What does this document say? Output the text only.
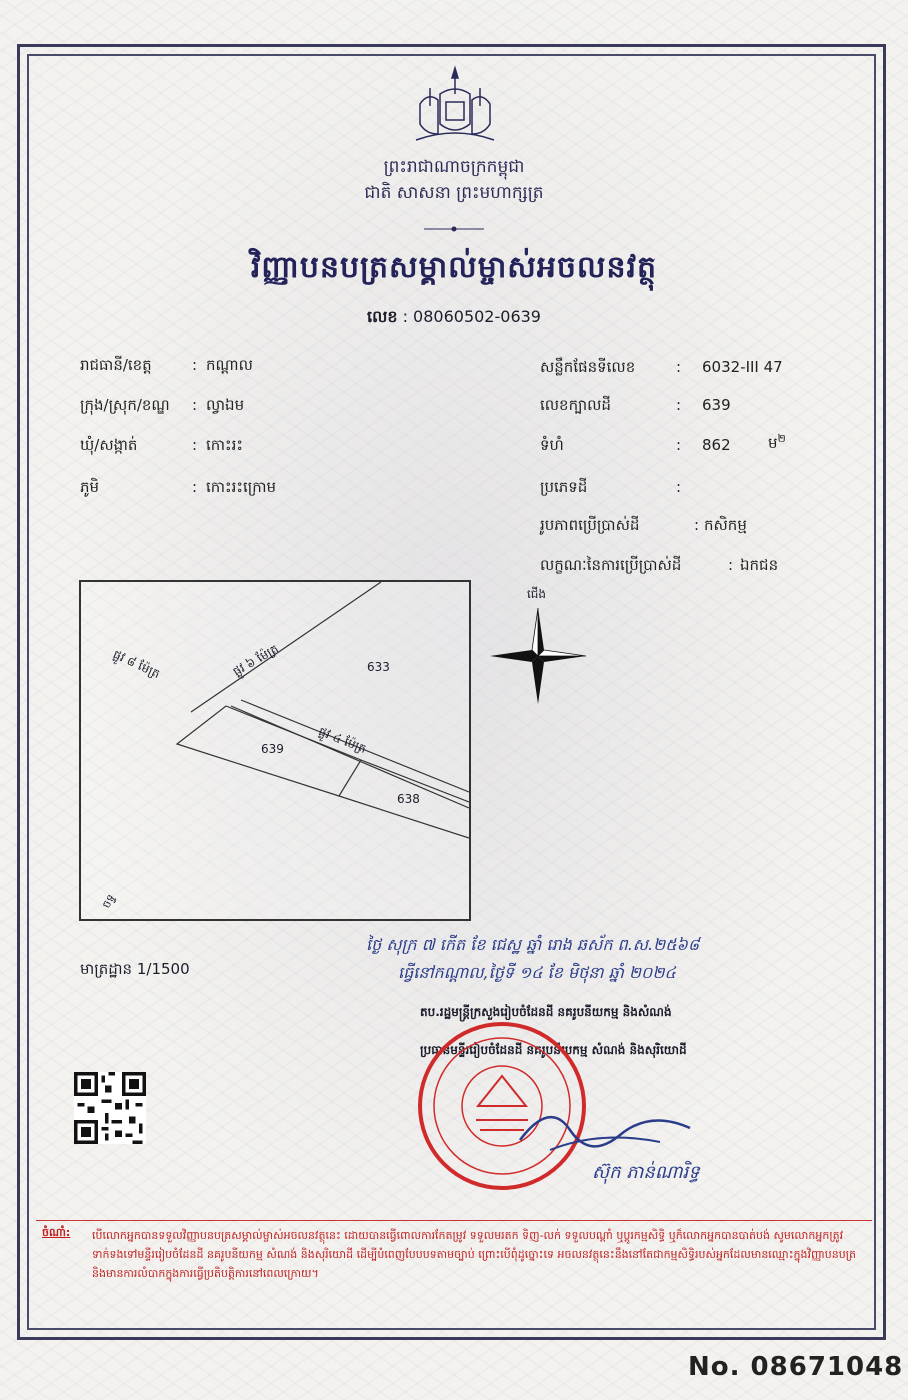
ព្រះរាជាណាចក្រកម្ពុជា
ជាតិ សាសនា ព្រះមហាក្សត្រ
វិញ្ញាបនបត្រសម្គាល់ម្ចាស់អចលនវត្ថុ
លេខ : 08060502-0639
រាជធានី/ខេត្ត	: កណ្ដាល
ក្រុង/ស្រុក/ខណ្ឌ : ល្វាឯម
ឃុំ/សង្កាត់	: កោះរះ
ភូមិ	: កោះរះក្រោម
សន្លឹកផែនទីលេខ	: 6032-III 47
លេខក្បាលដី	: 639
ទំហំ	: 862 ម$^២$
ប្រភេទដី	:
រូបភាពប្រើប្រាស់ដី	: កសិកម្ម
លក្ខណៈនៃការប្រើប្រាស់ដី	: ឯកជន
ផ្លូវ ៨ ម៉ែត្រ	ផ្លូវ ៦ ម៉ែត្រ
ផ្លូវ ៤ ម៉ែត្រ
633
639
638
ចទ្វ
ជើង
មាត្រដ្ឋាន 1/1500
ថ្ងៃ សុក្រ ៧ កើត ខែ ជេស្ឋ ឆ្នាំ រោង ឆស័ក ព.ស.២៥៦៨
ធ្វើនៅកណ្ដាល,ថ្ងៃទី ១៤ ខែ មិថុនា ឆ្នាំ ២០២៤
តប.រដ្ឋមន្ត្រីក្រសួងរៀបចំដែនដី នគរូបនីយកម្ម និងសំណង់
ប្រធានមន្ទីររៀបចំដែនដី នគរូបនីយកម្ម សំណង់ និងសុរិយោដី
ស៊ុក ភាន់ណារិទ្ធ
ចំណាំ: បើលោកអ្នកបានទទួលវិញ្ញាបនបត្រសម្គាល់ម្ចាស់អចលនវត្ថុនេះ ដោយបានធ្វើពោលការកែតម្រូវ ទទួលមរតក ទិញ-លក់ ទទួលបណ្ដាំ ឬប្ដូរកម្មសិទ្ធិ ឬក៏លោកអ្នកបានបាត់បង់ សូមលោកអ្នកត្រូវទាក់ទងទៅមន្ទីររៀបចំដែនដី នគរូបនីយកម្ម សំណង់ និងសុរិយោដី ដើម្បីបំពេញបែបបទតាមច្បាប់ ព្រោះបើពុំដូច្នោះទេ អចលនវត្ថុនេះនឹងនៅតែជាកម្មសិទ្ធិរបស់អ្នកដែលមានឈ្មោះក្នុងវិញ្ញាបនបត្រ និងមានការលំបាកក្នុងការធ្វើប្រតិបត្តិការនៅពេលក្រោយ។
No. 08671048
